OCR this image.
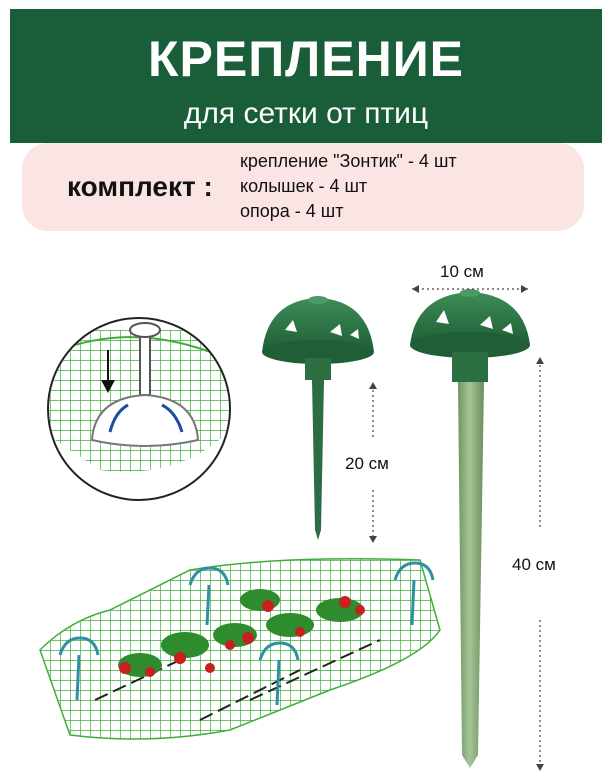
КРЕПЛЕНИЕ
для сетки от птиц
комплект :
крепление "Зонтик" - 4 шт
колышек - 4 шт
опора - 4 шт
10 см
20 см
40 см
